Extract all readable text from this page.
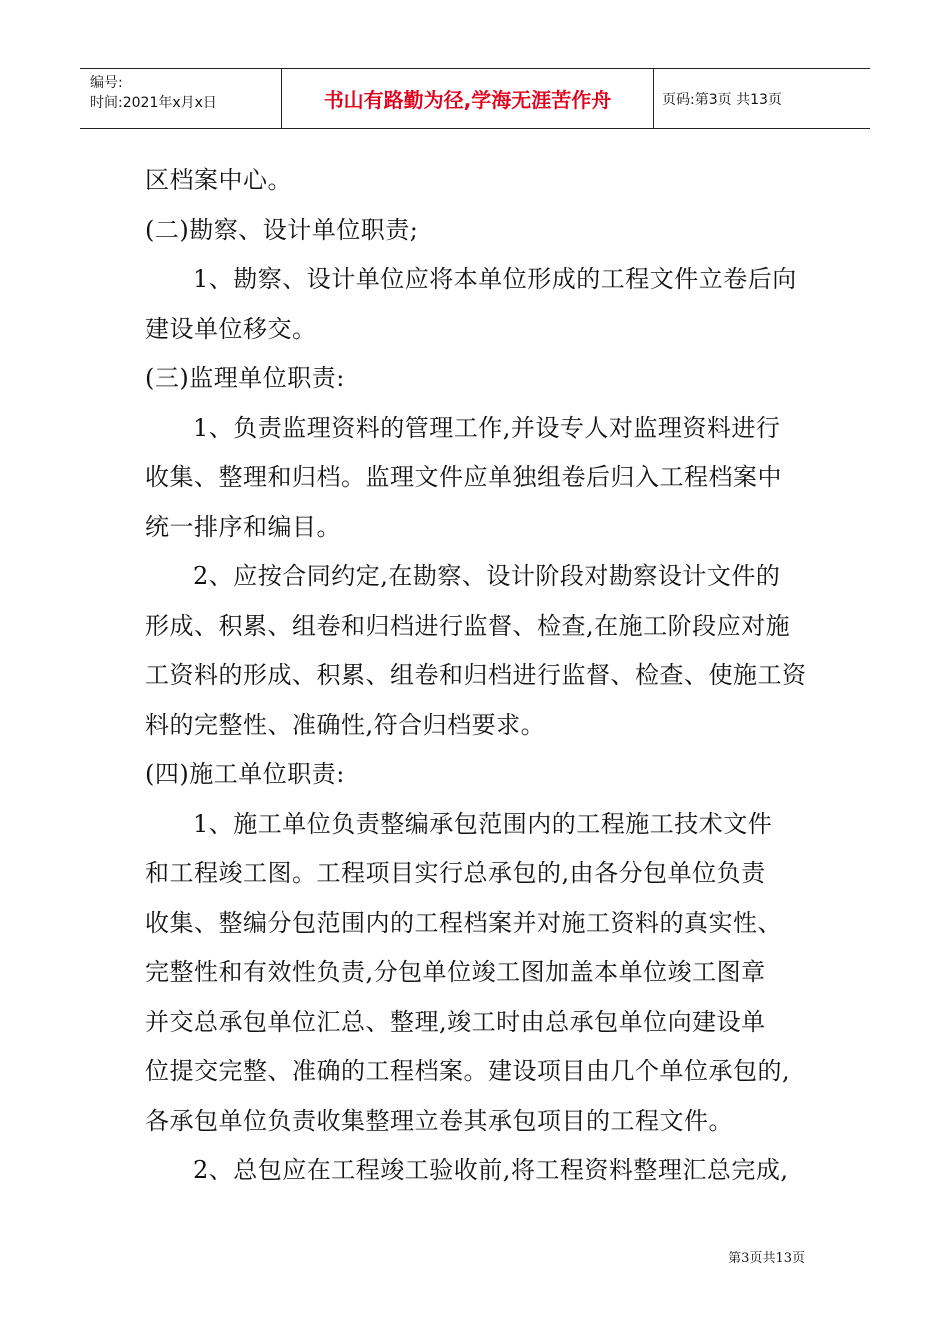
编号:
时间:2021年x月x日	书山有路勤为径,学海无涯苦作舟	页码:第3页 共13页

区档案中心。

(二)勘察、设计单位职责;

1、勘察、设计单位应将本单位形成的工程文件立卷后向

建设单位移交。

(三)监理单位职责:

1、负责监理资料的管理工作,并设专人对监理资料进行

收集、整理和归档。监理文件应单独组卷后归入工程档案中

统一排序和编目。

2、应按合同约定,在勘察、设计阶段对勘察设计文件的

形成、积累、组卷和归档进行监督、检查,在施工阶段应对施

工资料的形成、积累、组卷和归档进行监督、检查、使施工资

料的完整性、准确性,符合归档要求。

(四)施工单位职责:

1、施工单位负责整编承包范围内的工程施工技术文件

和工程竣工图。工程项目实行总承包的,由各分包单位负责

收集、整编分包范围内的工程档案并对施工资料的真实性、

完整性和有效性负责,分包单位竣工图加盖本单位竣工图章

并交总承包单位汇总、整理,竣工时由总承包单位向建设单

位提交完整、准确的工程档案。建设项目由几个单位承包的,

各承包单位负责收集整理立卷其承包项目的工程文件。

2、总包应在工程竣工验收前,将工程资料整理汇总完成,

第3页共13页
